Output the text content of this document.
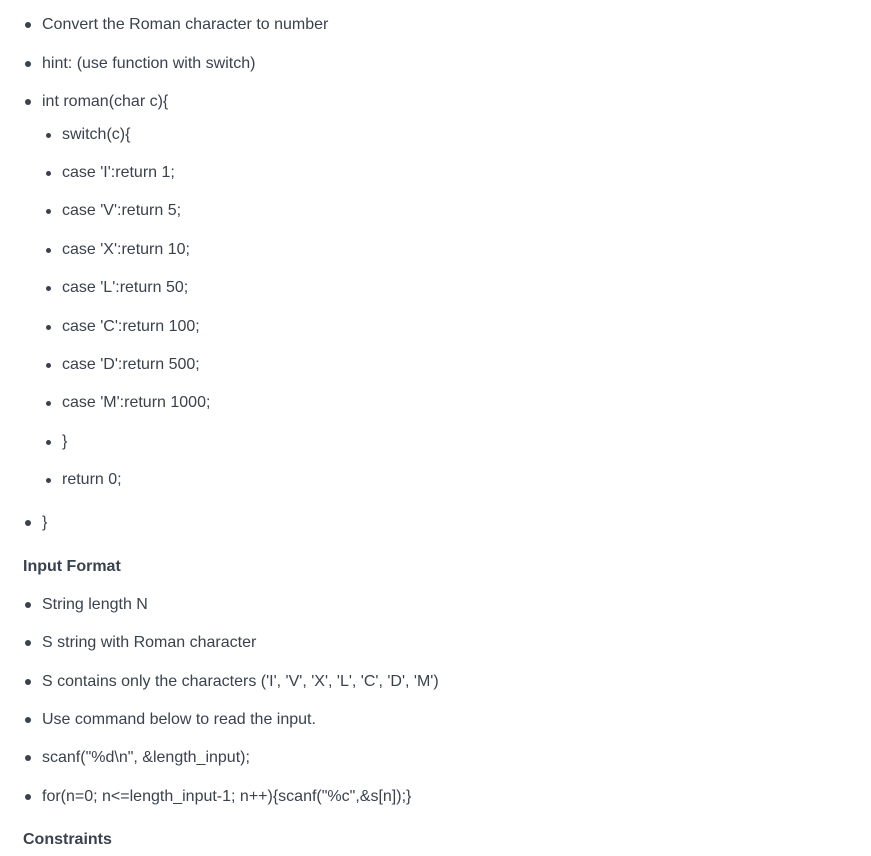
Convert the Roman character to number
hint: (use function with switch)
int roman(char c){
switch(c){
case 'I':return 1;
case 'V':return 5;
case 'X':return 10;
case 'L':return 50;
case 'C':return 100;
case 'D':return 500;
case 'M':return 1000;
}
return 0;
}
Input Format
String length N
S string with Roman character
S contains only the characters ('I', 'V', 'X', 'L', 'C', 'D', 'M')
Use command below to read the input.
scanf("%d\n", &length_input);
for(n=0; n<=length_input-1; n++){scanf("%c",&s[n]);}
Constraints
